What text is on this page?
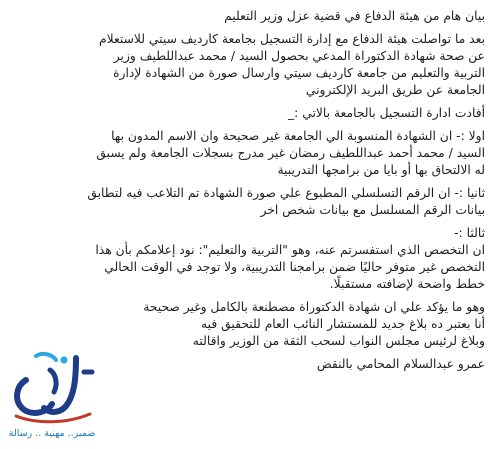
بيان هام من هيئة الدفاع في قضية عزل وزير التعليم

بعد ما تواصلت هيئة الدفاع مع إدارة التسجيل بجامعة كارديف سيتي للاستعلام
عن صحة شهادة الدكتوراة المدعي بحصول السيد / محمد عبداللطيف وزير
التربية والتعليم من جامعة كارديف سيتي وارسال صورة من الشهادة لإدارة
الجامعة عن طريق البريد الإلكتروني

أفادت ادارة التسجيل بالجامعة بالاتي :_

اولا :- ان الشهادة المنسوبة الي الجامعة غير صحيحة وان الاسم المدون بها
السيد / محمد أحمد عبداللطيف رمضان غير مدرج بسجلات الجامعة ولم يسبق
له الالتحاق بها أو بايا من برامجها التدريبية

ثانيا :- ان الرقم التسلسلي المطبوع علي صورة الشهادة تم التلاعب فيه لتطابق
بيانات الرقم المسلسل مع بيانات شخص اخر

ثالثا :-
ان التخصص الذي استفسرتم عنه، وهو "التربية والتعليم": نود إعلامكم بأن هذا
التخصص غير متوفر حاليًا ضمن برامجنا التدريبية، ولا توجد في الوقت الحالي
خطط واضحة لإضافته مستقبلًا.

وهو ما يؤكد علي ان شهادة الدكتوراة مصطنعة بالكامل وغير صحيحة
أنا بعتبر ده بلاغ جديد للمستشار النائب العام للتحقيق فيه
وبلاغ لرئيس مجلس النواب لسحب الثقة من الوزير واقالته

عمرو عبدالسلام المحامي بالنقض

ضمير.. مهنية .. رسالة
